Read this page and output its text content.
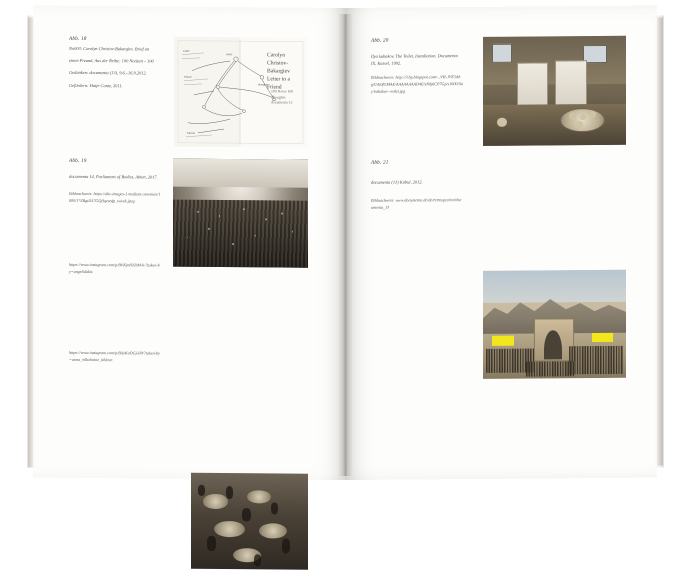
Abb. 18

No003: Carolyn Christov-Bakargiev. Brief an

einen Freund, Aus der Reihe: 100 Notizen – 100

Gedanken: documenta (13), 9.6.–16.9.2012.

Gefördern: Hatje Cantz, 2011.

Letter
Friend
Kassel
notes
thoughts
Carolyn Christov-Bakargiev Letter to a Friend
100 Notes 100 Thoughts documenta 13
Abb. 19
documenta 14, Parliament of Bodies, Athen, 2017.
Bildnachweis: https://abc-images-1.medium.com/max/1600/1*ZBgtD17GQIIqzwsfp_twixA.jpeg
https://www.instagram.com/p/BVKjm9ZDM-h/?taken-by=angelidakis
https://www.instagram.com/p/BXzKaDGj-lI8/?taken-by=anna_vilhelmine_ithleun
Abb. 20
Ilya kabakov, The Toilet, Installation, Documenta IX, Kassel, 1992.
Bildnachweis: http://3.bp.blogspot.com/-_VH-JVE3Ahg/U4i0fGMAE/AAAAAAAAD4E/zN0j6CP7Gp/s1600/ilay-kabakov--toilet.jpg
Abb. 21
documenta (13) Kabul, 2012.
Bildnachweis: www.documenta.de/de/retrospective/documenta_13
